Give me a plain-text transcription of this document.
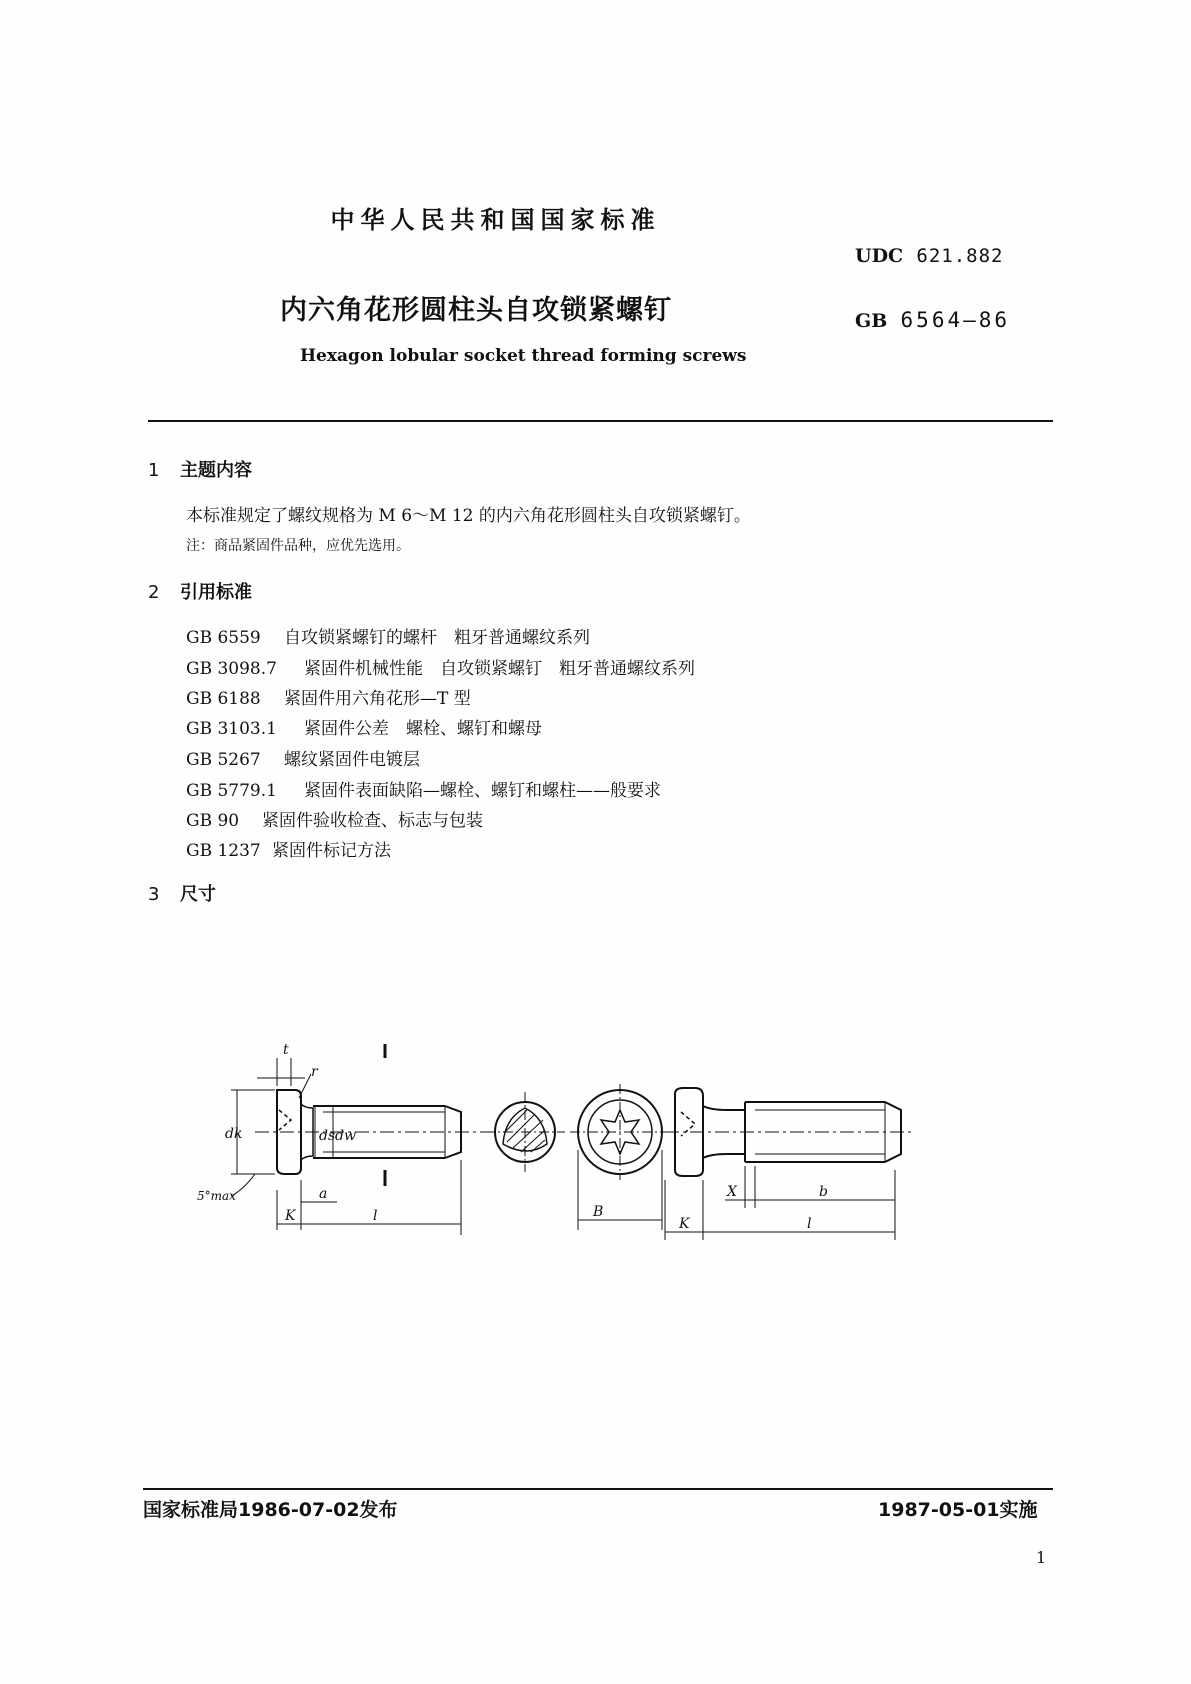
中华人民共和国国家标准
UDC 621.882
内六角花形圆柱头自攻锁紧螺钉	GB 6564—86
Hexagon lobular socket thread forming screws
1 主题内容
本标准规定了螺纹规格为 M 6～M 12 的内六角花形圆柱头自攻锁紧螺钉。
注：商品紧固件品种，应优先选用。
2 引用标准
GB 6559 自攻锁紧螺钉的螺杆　粗牙普通螺纹系列
GB 3098.7 紧固件机械性能　自攻锁紧螺钉　粗牙普通螺纹系列
GB 6188 紧固件用六角花形—T 型
GB 3103.1 紧固件公差　螺栓、螺钉和螺母
GB 5267 螺纹紧固件电镀层
GB 5779.1 紧固件表面缺陷—螺栓、螺钉和螺柱——般要求
GB 90 紧固件验收检查、标志与包装
GB 1237 紧固件标记方法
3 尺寸
t
r
dk	ds dw
5°max
K
a
l	B
K
X	b
l
国家标准局1986-07-02发布	1987-05-01实施
1
